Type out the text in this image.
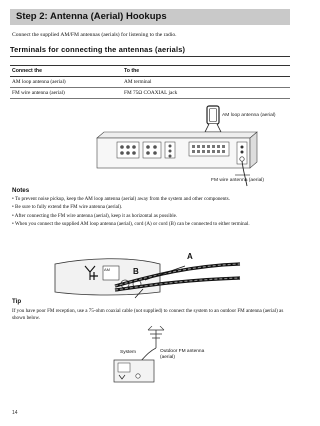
Step 2: Antenna (Aerial) Hookups
Connect the supplied AM/FM antennas (aerials) for listening to the radio.
Terminals for connecting the antennas (aerials)
Connect the	To the
AM loop antenna (aerial)	AM terminal
FM wire antenna (aerial)	FM 75Ω COAXIAL jack
AM loop antenna (aerial)
FM wire antenna (aerial)
Notes
• To prevent noise pickup, keep the AM loop antenna (aerial) away from the system and other components.
• Be sure to fully extend the FM wire antenna (aerial).
• After connecting the FM wire antenna (aerial), keep it as horizontal as possible.
• When you connect the supplied AM loop antenna (aerial), cord (A) or cord (B) can be connected to either terminal.
A
B
AM
Tip
If you have poor FM reception, use a 75-ohm coaxial cable (not supplied) to connect the system to an outdoor FM antenna (aerial) as shown below.
System	Outdoor FM antenna (aerial)
14
